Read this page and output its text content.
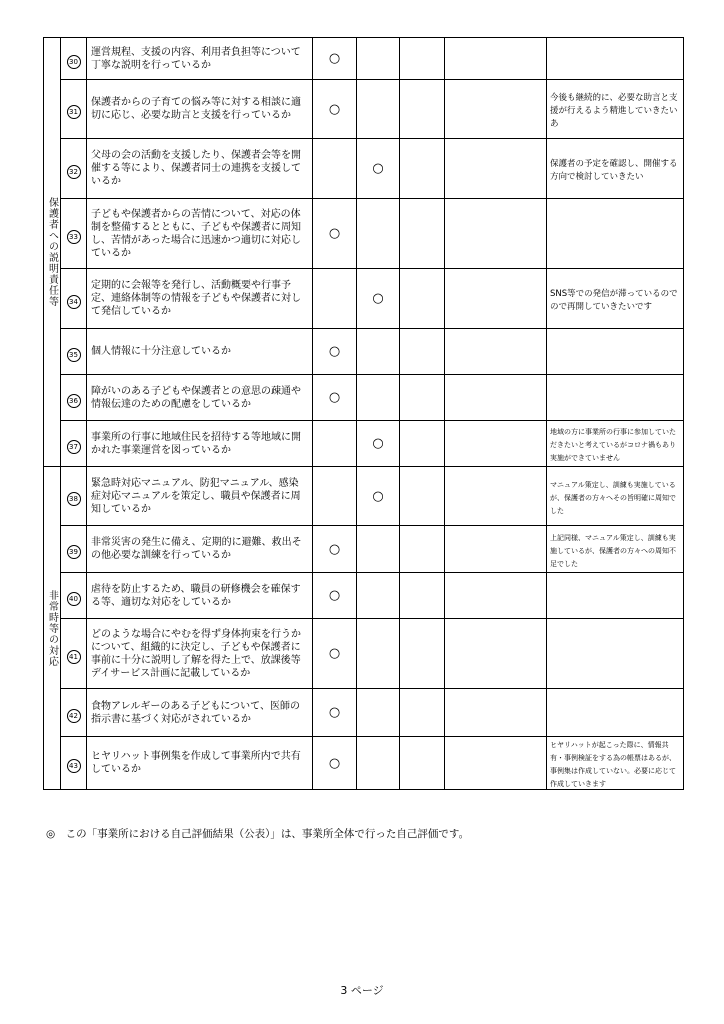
保護者への説明責任等	30	運営規程、支援の内容、利用者負担等について丁寧な説明を行っているか	○				
	31	保護者からの子育ての悩み等に対する相談に適切に応じ、必要な助言と支援を行っているか	○				今後も継続的に、必要な助言と支援が行えるよう精進していきたいあ
	32	父母の会の活動を支援したり、保護者会等を開催する等により、保護者同士の連携を支援しているか		○			保護者の予定を確認し、開催する方向で検討していきたい
	33	子どもや保護者からの苦情について、対応の体制を整備するとともに、子どもや保護者に周知し、苦情があった場合に迅速かつ適切に対応しているか	○				
	34	定期的に会報等を発行し、活動概要や行事予定、連絡体制等の情報を子どもや保護者に対して発信しているか		○			SNS等での発信が滞っているのでので再開していきたいです
	35	個人情報に十分注意しているか	○				
	36	障がいのある子どもや保護者との意思の疎通や情報伝達のための配慮をしているか	○				
	37	事業所の行事に地域住民を招待する等地域に開かれた事業運営を図っているか		○			地域の方に事業所の行事に参加していただきたいと考えているがコロナ禍もあり実施ができていません

非常時等の対応	38	緊急時対応マニュアル、防犯マニュアル、感染症対応マニュアルを策定し、職員や保護者に周知しているか		○			マニュアル策定し、訓練も実施しているが、保護者の方々へその旨明確に周知でした
	39	非常災害の発生に備え、定期的に避難、救出その他必要な訓練を行っているか	○				上記同様、マニュアル策定し、訓練も実施しているが、保護者の方々への周知不足でした
	40	虐待を防止するため、職員の研修機会を確保する等、適切な対応をしているか	○				
	41	どのような場合にやむを得ず身体拘束を行うかについて、組織的に決定し、子どもや保護者に事前に十分に説明し了解を得た上で、放課後等デイサービス計画に記載しているか	○				
	42	食物アレルギーのある子どもについて、医師の指示書に基づく対応がされているか	○				
	43	ヒヤリハット事例集を作成して事業所内で共有しているか	○				ヒヤリハットが起こった際に、情報共有・事例検証をする為の帳票はあるが、事例集は作成していない。必要に応じて作成していきます
◎　この「事業所における自己評価結果（公表）」は、事業所全体で行った自己評価です。
3 ページ
